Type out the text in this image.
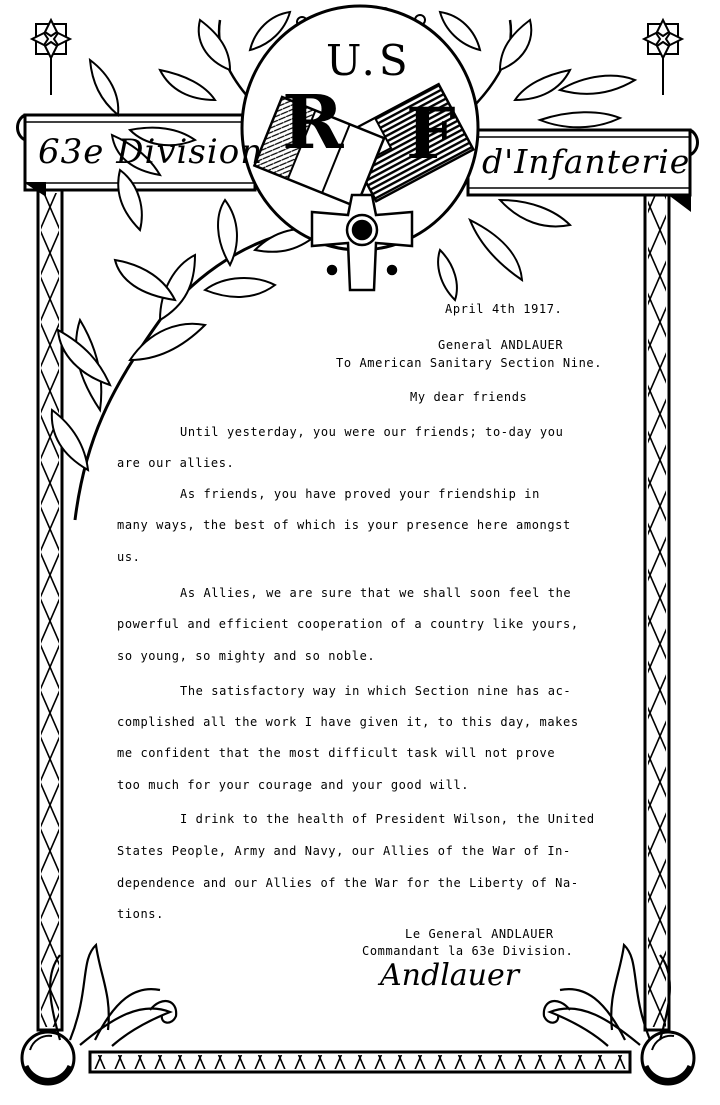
63e Division	d'Infanterie
U.S
R F
April 4th 1917.
General ANDLAUER
To American Sanitary Section Nine.
My dear friends
Until yesterday, you were our friends; to-day you
are our allies.
As friends, you have proved your friendship in
many ways, the best of which is your presence here amongst
us.
As Allies, we are sure that we shall soon feel the
powerful and efficient cooperation of a country like yours,
so young, so mighty and so noble.
The satisfactory way in which Section nine has ac-
complished all the work I have given it, to this day, makes
me confident that the most difficult task will not prove
too much for your courage and your good will.
I drink to the health of President Wilson, the United
States People, Army and Navy, our Allies of the War of In-
dependence and our Allies of the War for the Liberty of Na-
tions.
Le General ANDLAUER
Commandant la 63e Division.
Andlauer
